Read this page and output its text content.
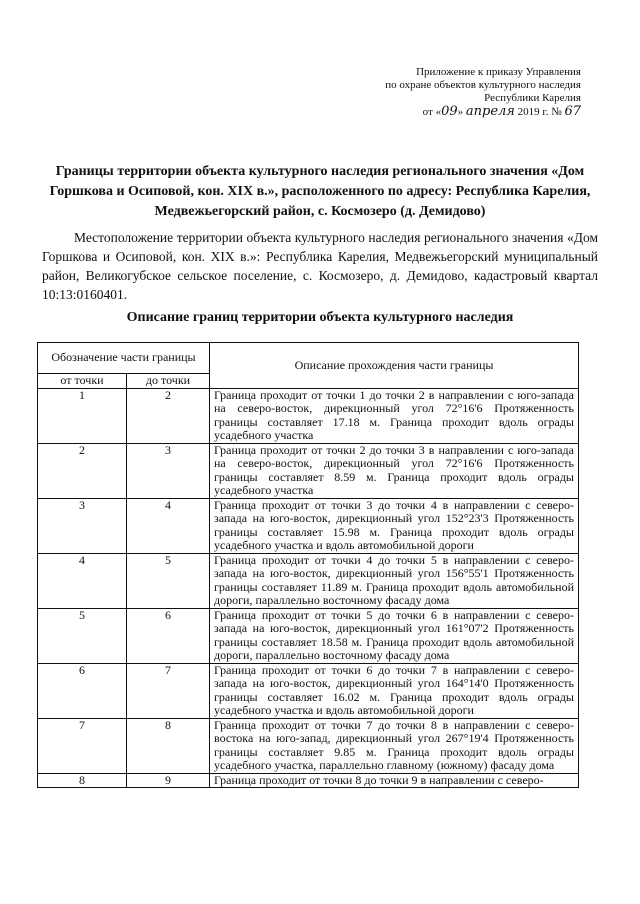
Приложение к приказу Управления
по охране объектов культурного наследия
Республики Карелия
от «09» апреля 2019 г. № 67
Границы территории объекта культурного наследия регионального значения «Дом Горшкова и Осиповой, кон. XIX в.», расположенного по адресу: Республика Карелия, Медвежьегорский район, с. Космозеро (д. Демидово)
Местоположение территории объекта культурного наследия регионального значения «Дом Горшкова и Осиповой, кон. XIX в.»: Республика Карелия, Медвежьегорский муниципальный район, Великогубское сельское поселение, с. Космозеро, д. Демидово, кадастровый квартал 10:13:0160401.
Описание границ территории объекта культурного наследия
Обозначение части границы		Описание прохождения части границы
от точки	до точки	
1	2	Граница проходит от точки 1 до точки 2 в направлении с юго-запада на северо-восток, дирекционный угол 72°16'6 Протяженность границы составляет 17.18 м. Граница проходит вдоль ограды усадебного участка
2	3	Граница проходит от точки 2 до точки 3 в направлении с юго-запада на северо-восток, дирекционный угол 72°16'6 Протяженность границы составляет 8.59 м. Граница проходит вдоль ограды усадебного участка
3	4	Граница проходит от точки 3 до точки 4 в направлении с северо-запада на юго-восток, дирекционный угол 152°23'3 Протяженность границы составляет 15.98 м. Граница проходит вдоль ограды усадебного участка и вдоль автомобильной дороги
4	5	Граница проходит от точки 4 до точки 5 в направлении с северо-запада на юго-восток, дирекционный угол 156°55'1 Протяженность границы составляет 11.89 м. Граница проходит вдоль автомобильной дороги, параллельно восточному фасаду дома
5	6	Граница проходит от точки 5 до точки 6 в направлении с северо-запада на юго-восток, дирекционный угол 161°07'2 Протяженность границы составляет 18.58 м. Граница проходит вдоль автомобильной дороги, параллельно восточному фасаду дома
6	7	Граница проходит от точки 6 до точки 7 в направлении с северо-запада на юго-восток, дирекционный угол 164°14'0 Протяженность границы составляет 16.02 м. Граница проходит вдоль ограды усадебного участка и вдоль автомобильной дороги
7	8	Граница проходит от точки 7 до точки 8 в направлении с северо-востока на юго-запад, дирекционный угол 267°19'4 Протяженность границы составляет 9.85 м. Граница проходит вдоль ограды усадебного участка, параллельно главному (южному) фасаду дома
8	9	Граница проходит от точки 8 до точки 9 в направлении с северо-
